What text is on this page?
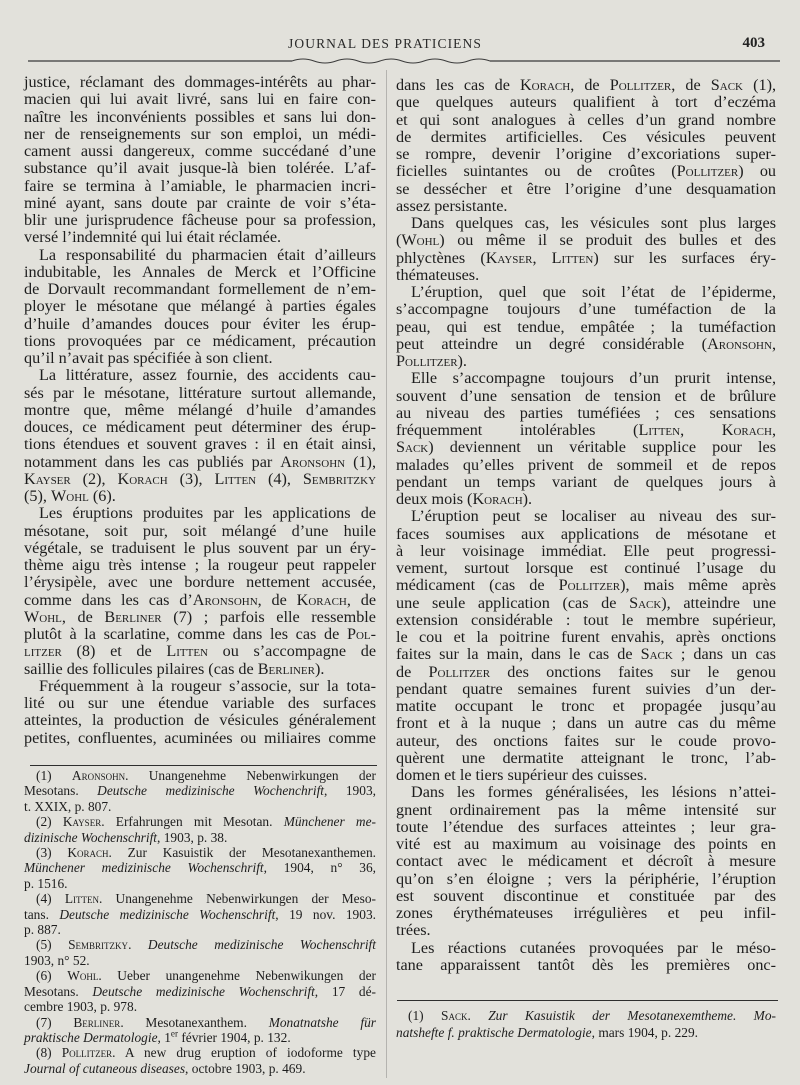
JOURNAL DES PRATICIENS	403
justice, réclamant des dommages-intérêts au phar-
macien qui lui avait livré, sans lui en faire con-
naître les inconvénients possibles et sans lui don-
ner de renseignements sur son emploi, un médi-
cament aussi dangereux, comme succédané d’une
substance qu’il avait jusque-là bien tolérée. L’af-
faire se termina à l’amiable, le pharmacien incri-
miné ayant, sans doute par crainte de voir s’éta-
blir une jurisprudence fâcheuse pour sa profession,
versé l’indemnité qui lui était réclamée.
La responsabilité du pharmacien était d’ailleurs
indubitable, les Annales de Merck et l’Officine
de Dorvault recommandant formellement de n’em-
ployer le mésotane que mélangé à parties égales
d’huile d’amandes douces pour éviter les érup-
tions provoquées par ce médicament, précaution
qu’il n’avait pas spécifiée à son client.
La littérature, assez fournie, des accidents cau-
sés par le mésotane, littérature surtout allemande,
montre que, même mélangé d’huile d’amandes
douces, ce médicament peut déterminer des érup-
tions étendues et souvent graves : il en était ainsi,
notamment dans les cas publiés par Aronsohn (1),
Kayser (2), Korach (3), Litten (4), Sembritzky
(5), Wohl (6).
Les éruptions produites par les applications de
mésotane, soit pur, soit mélangé d’une huile
végétale, se traduisent le plus souvent par un éry-
thème aigu très intense ; la rougeur peut rappeler
l’érysipèle, avec une bordure nettement accusée,
comme dans les cas d’Aronsohn, de Korach, de
Wohl, de Berliner (7) ; parfois elle ressemble
plutôt à la scarlatine, comme dans les cas de Pol-
litzer (8) et de Litten ou s’accompagne de
saillie des follicules pilaires (cas de Berliner).
Fréquemment à la rougeur s’associe, sur la tota-
lité ou sur une étendue variable des surfaces
atteintes, la production de vésicules généralement
petites, confluentes, acuminées ou miliaires comme
dans les cas de Korach, de Pollitzer, de Sack (1),
que quelques auteurs qualifient à tort d’eczéma
et qui sont analogues à celles d’un grand nombre
de dermites artificielles. Ces vésicules peuvent
se rompre, devenir l’origine d’excoriations super-
ficielles suintantes ou de croûtes (Pollitzer) ou
se dessécher et être l’origine d’une desquamation
assez persistante.
Dans quelques cas, les vésicules sont plus larges
(Wohl) ou même il se produit des bulles et des
phlyctènes (Kayser, Litten) sur les surfaces éry-
thémateuses.
L’éruption, quel que soit l’état de l’épiderme,
s’accompagne toujours d’une tuméfaction de la
peau, qui est tendue, empâtée ; la tuméfaction
peut atteindre un degré considérable (Aronsohn,
Pollitzer).
Elle s’accompagne toujours d’un prurit intense,
souvent d’une sensation de tension et de brûlure
au niveau des parties tuméfiées ; ces sensations
fréquemment intolérables (Litten, Korach,
Sack) deviennent un véritable supplice pour les
malades qu’elles privent de sommeil et de repos
pendant un temps variant de quelques jours à
deux mois (Korach).
L’éruption peut se localiser au niveau des sur-
faces soumises aux applications de mésotane et
à leur voisinage immédiat. Elle peut progressi-
vement, surtout lorsque est continué l’usage du
médicament (cas de Pollitzer), mais même après
une seule application (cas de Sack), atteindre une
extension considérable : tout le membre supérieur,
le cou et la poitrine furent envahis, après onctions
faites sur la main, dans le cas de Sack ; dans un cas
de Pollitzer des onctions faites sur le genou
pendant quatre semaines furent suivies d’un der-
matite occupant le tronc et propagée jusqu’au
front et à la nuque ; dans un autre cas du même
auteur, des onctions faites sur le coude provo-
quèrent une dermatite atteignant le tronc, l’ab-
domen et le tiers supérieur des cuisses.
Dans les formes généralisées, les lésions n’attei-
gnent ordinairement pas la même intensité sur
toute l’étendue des surfaces atteintes ; leur gra-
vité est au maximum au voisinage des points en
contact avec le médicament et décroît à mesure
qu’on s’en éloigne ; vers la périphérie, l’éruption
est souvent discontinue et constituée par des
zones érythémateuses irrégulières et peu infil-
trées.
Les réactions cutanées provoquées par le méso-
tane apparaissent tantôt dès les premières onc-
(1) Aronsohn. Unangenehme Nebenwirkungen der
Mesotans. Deutsche medizinische Wochenchrift, 1903,
t. XXIX, p. 807.
(2) Kayser. Erfahrungen mit Mesotan. Münchener me-
dizinische Wochenschrift, 1903, p. 38.
(3) Korach. Zur Kasuistik der Mesotanexanthemen.
Münchener medizinische Wochenschrift, 1904, n° 36,
p. 1516.
(4) Litten. Unangenehme Nebenwirkungen der Meso-
tans. Deutsche medizinische Wochenschrift, 19 nov. 1903.
p. 887.
(5) Sembritzky. Deutsche medizinische Wochenschrift
1903, n° 52.
(6) Wohl. Ueber unangenehme Nebenwikungen der
Mesotans. Deutsche medizinische Wochenschrift, 17 dé-
cembre 1903, p. 978.
(7) Berliner. Mesotanexanthem. Monatnatshe für
praktische Dermatologie, 1er février 1904, p. 132.
(8) Pollitzer. A new drug eruption of iodoforme type
Journal of cutaneous diseases, octobre 1903, p. 469.
(1) Sack. Zur Kasuistik der Mesotanexemtheme. Mo-
natshefte f. praktische Dermatologie, mars 1904, p. 229.
